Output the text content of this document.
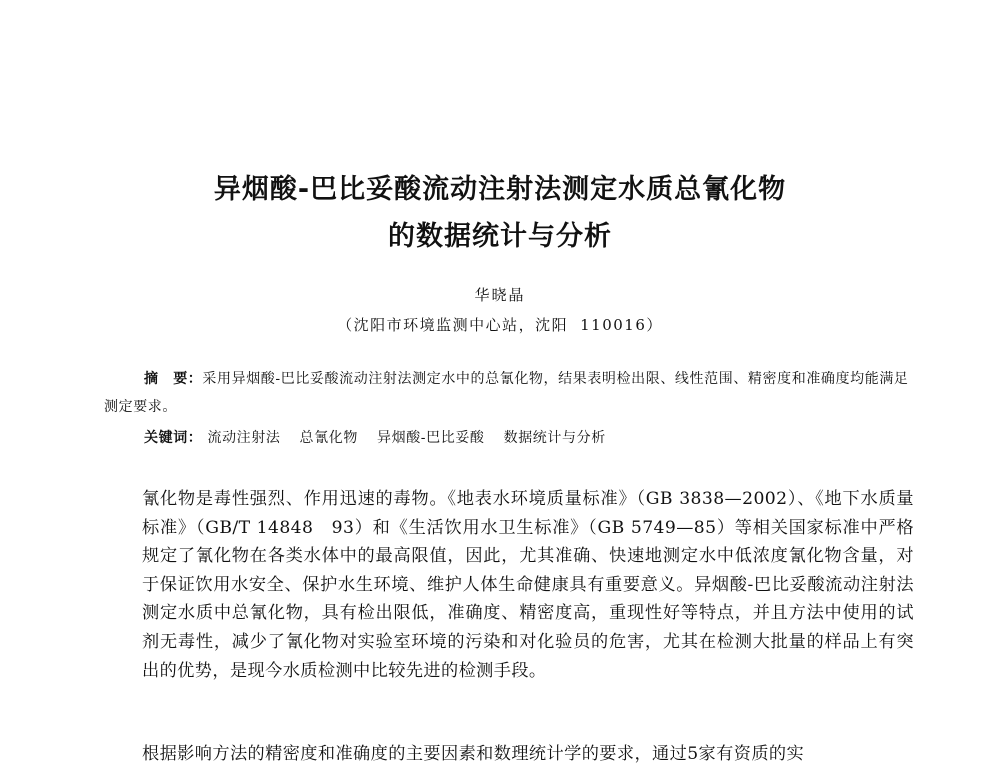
异烟酸-巴比妥酸流动注射法测定水质总氰化物
的数据统计与分析
华晓晶
（沈阳市环境监测中心站，沈阳 110016）
摘　要：采用异烟酸-巴比妥酸流动注射法测定水中的总氰化物，结果表明检出限、线性范围、精密度和准确度均能满足测定要求。
关键词： 流动注射法 总氰化物 异烟酸-巴比妥酸 数据统计与分析
氰化物是毒性强烈、作用迅速的毒物。《地表水环境质量标准》（GB 3838—2002）、《地下水质量标准》（GB/T 14848　93）和《生活饮用水卫生标准》（GB 5749—85）等相关国家标准中严格规定了氰化物在各类水体中的最高限值，因此，尤其准确、快速地测定水中低浓度氰化物含量，对于保证饮用水安全、保护水生环境、维护人体生命健康具有重要意义。异烟酸-巴比妥酸流动注射法测定水质中总氰化物，具有检出限低，准确度、精密度高，重现性好等特点，并且方法中使用的试剂无毒性，减少了氰化物对实验室环境的污染和对化验员的危害，尤其在检测大批量的样品上有突出的优势，是现今水质检测中比较先进的检测手段。
根据影响方法的精密度和准确度的主要因素和数理统计学的要求，通过5家有资质的实
